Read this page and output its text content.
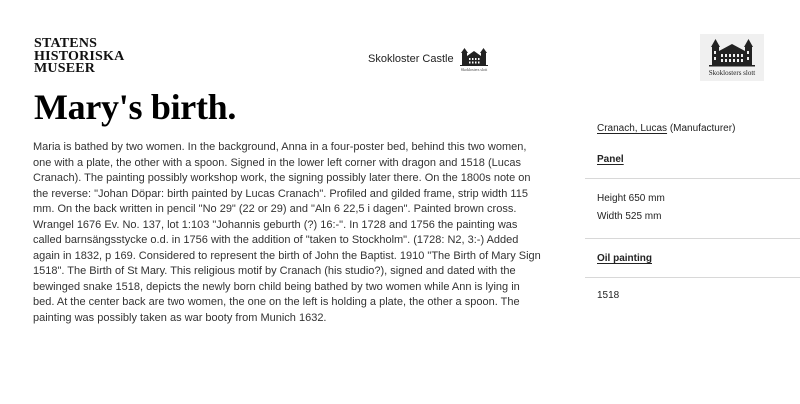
STATENS
HISTORISKA
MUSEER
Skokloster Castle
Skoklosters slott	Skoklosters slott
Mary's birth.

Maria is bathed by two women. In the background, Anna in a four-poster bed, behind this two women, one with a plate, the other with a spoon. Signed in the lower left corner with dragon and 1518 (Lucas Cranach). The painting possibly workshop work, the signing possibly later there. On the 1800s note on the reverse: "Johan Döpar: birth painted by Lucas Cranach". Profiled and gilded frame, strip width 115 mm. On the back written in pencil "No 29" (22 or 29) and "Aln 6 22,5 i dagen". Painted brown cross. Wrangel 1676 Ev. No. 137, lot 1:103 "Johannis geburth (?) 16:-". In 1728 and 1756 the painting was called barnsängsstycke o.d. in 1756 with the addition of "taken to Stockholm". (1728: N2, 3:-) Added again in 1832, p 169. Considered to represent the birth of John the Baptist. 1910 "The Birth of Mary Sign 1518". The Birth of St Mary. This religious motif by Cranach (his studio?), signed and dated with the bewinged snake 1518, depicts the newly born child being bathed by two women while Ann is lying in bed. At the center back are two women, the one on the left is holding a plate, the other a spoon. The painting was possibly taken as war booty from Munich 1632.

Cranach, Lucas (Manufacturer)
Panel
Height 650 mm
Width 525 mm
Oil painting
1518
